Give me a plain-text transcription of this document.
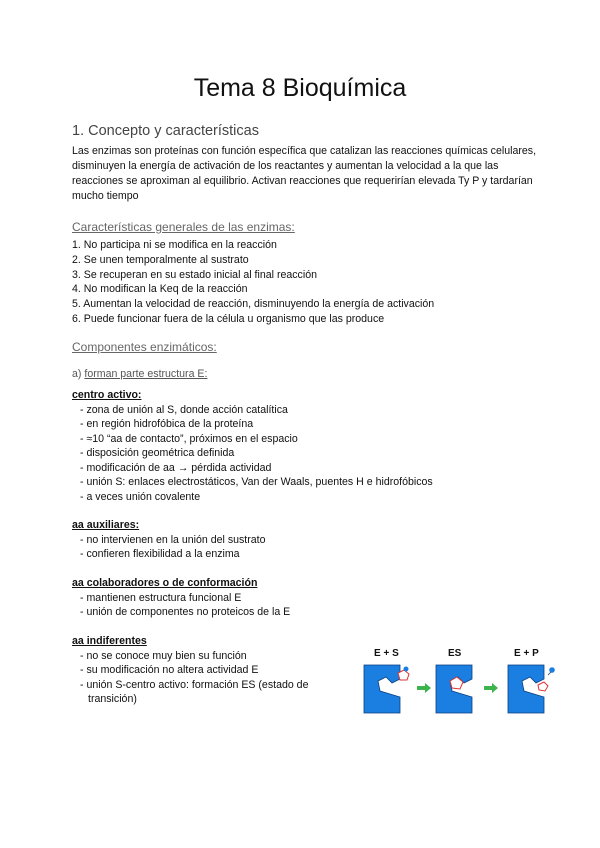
Tema 8 Bioquímica
1. Concepto y características

Las enzimas son proteínas con función específica que catalizan las reacciones químicas celulares, disminuyen la energía de activación de los reactantes y aumentan la velocidad a la que las reacciones se aproximan al equilibrio. Activan reacciones que requerirían elevada Ty P y tardarían mucho tiempo

Características generales de las enzimas:
1. No participa ni se modifica en la reacción
2. Se unen temporalmente al sustrato
3. Se recuperan en su estado inicial al final reacción
4. No modifican la Keq de la reacción
5. Aumentan la velocidad de reacción, disminuyendo la energía de activación
6. Puede funcionar fuera de la célula u organismo que las produce
Componentes enzimáticos:
a) forman parte estructura E:
centro activo:
- zona de unión al S, donde acción catalítica
- en región hidrofóbica de la proteína
- ≈10 “aa de contacto”, próximos en el espacio
- disposición geométrica definida
- modificación de aa → pérdida actividad
- unión S: enlaces electrostáticos, Van der Waals, puentes H e hidrofóbicos
- a veces unión covalente
aa auxiliares:
- no intervienen en la unión del sustrato
- confieren flexibilidad a la enzima
aa colaboradores o de conformación
- mantienen estructura funcional E
- unión de componentes no proteicos de la E
aa indiferentes
- no se conoce muy bien su función
- su modificación no altera actividad E
- unión S-centro activo: formación ES (estado de transición)
E + S	ES	E + P
